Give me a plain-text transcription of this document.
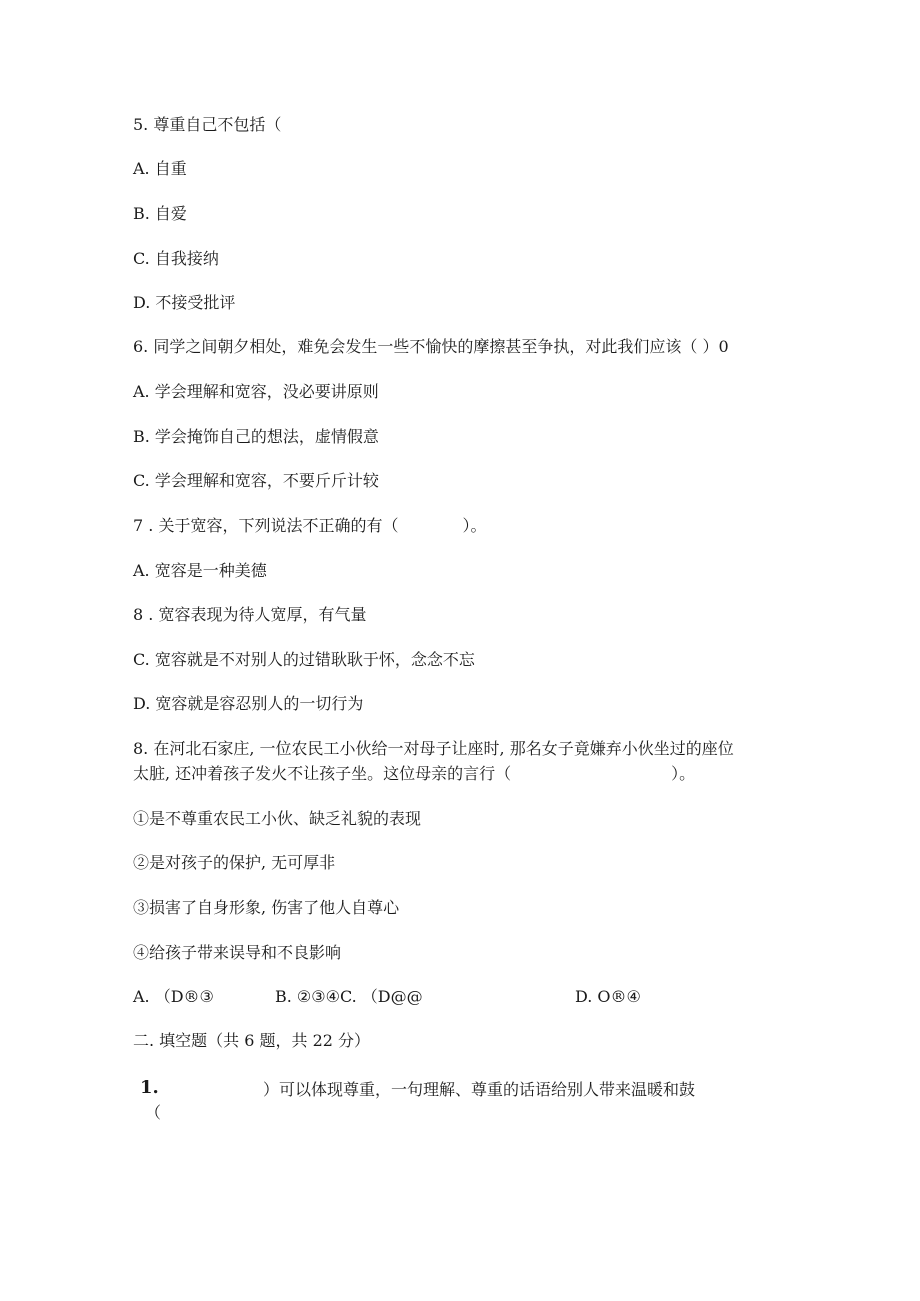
5. 尊重自己不包括（

A. 自重

B. 自爱

C. 自我接纳

D. 不接受批评

6. 同学之间朝夕相处，难免会发生一些不愉快的摩擦甚至争执，对此我们应该（ ）0

A. 学会理解和宽容，没必要讲原则

B. 学会掩饰自己的想法，虚情假意

C. 学会理解和宽容，不要斤斤计较

7 . 关于宽容，下列说法不正确的有（　　　　）。

A. 宽容是一种美德

8 . 宽容表现为待人宽厚，有气量

C. 宽容就是不对别人的过错耿耿于怀，念念不忘

D. 宽容就是容忍别人的一切行为

8. 在河北石家庄, 一位农民工小伙给一对母子让座时, 那名女子竟嫌弃小伙坐过的座位

太脏, 还冲着孩子发火不让孩子坐。这位母亲的言行（　　　　　　　　　　）。

①是不尊重农民工小伙、缺乏礼貌的表现

②是对孩子的保护, 无可厚非

③损害了自身形象, 伤害了他人自尊心

④给孩子带来误导和不良影响

A. （D®③	B. ②③④C. （D@@	D. O®④

二. 填空题（共 6 题，共 22 分）

1.	）可以体现尊重，一句理解、尊重的话语给别人带来温暖和鼓

（
